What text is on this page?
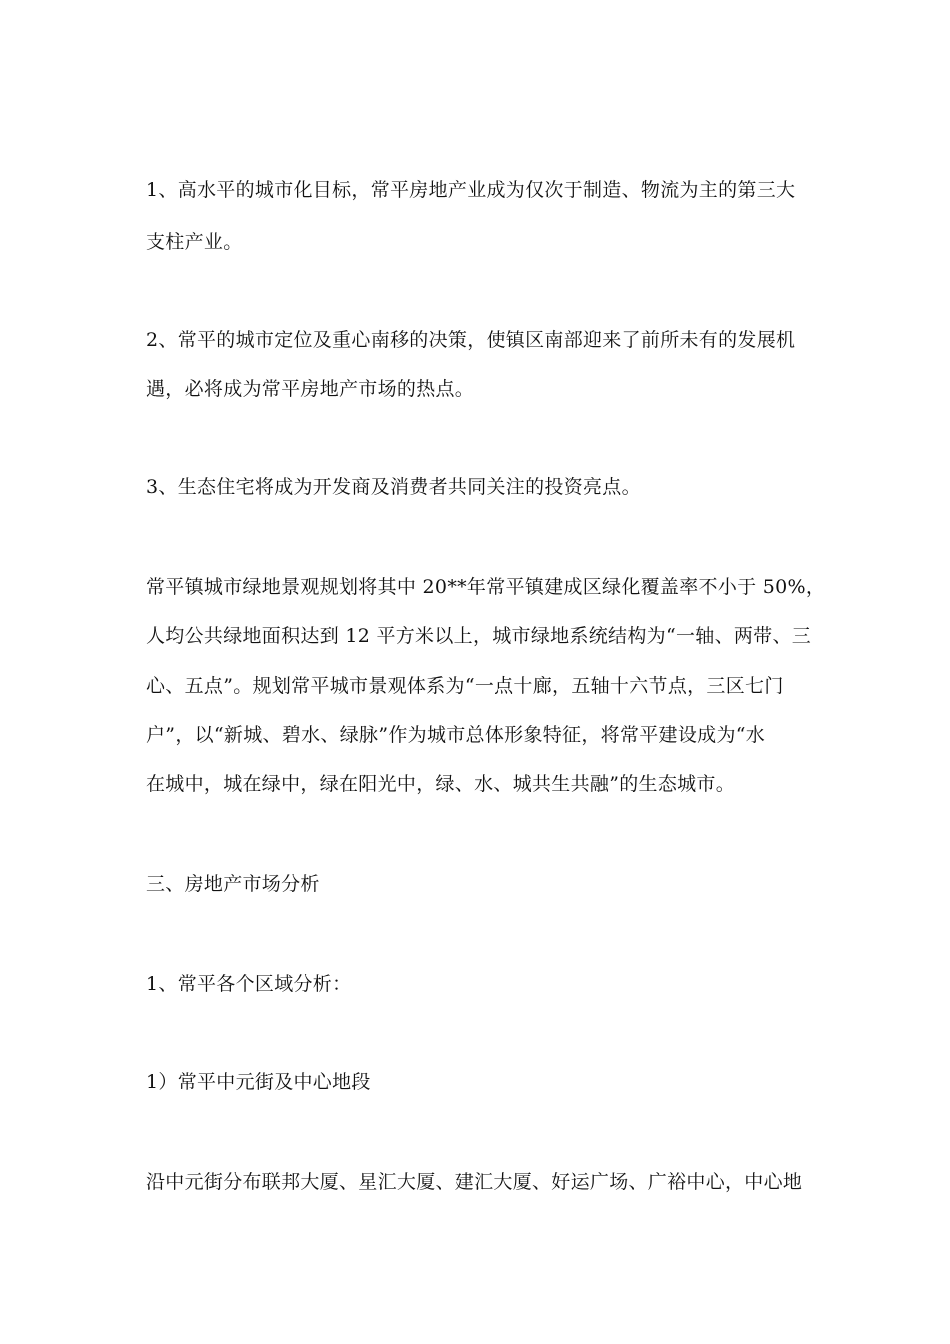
1、高水平的城市化目标，常平房地产业成为仅次于制造、物流为主的第三大
支柱产业。
2、常平的城市定位及重心南移的决策，使镇区南部迎来了前所未有的发展机
遇，必将成为常平房地产市场的热点。
3、生态住宅将成为开发商及消费者共同关注的投资亮点。
常平镇城市绿地景观规划将其中 20**年常平镇建成区绿化覆盖率不小于 50%，
人均公共绿地面积达到 12 平方米以上，城市绿地系统结构为“一轴、两带、三
心、五点”。规划常平城市景观体系为“一点十廊，五轴十六节点，三区七门
户”，以“新城、碧水、绿脉”作为城市总体形象特征，将常平建设成为“水
在城中，城在绿中，绿在阳光中，绿、水、城共生共融”的生态城市。
三、房地产市场分析
1、常平各个区域分析：
1）常平中元街及中心地段
沿中元街分布联邦大厦、星汇大厦、建汇大厦、好运广场、广裕中心，中心地
